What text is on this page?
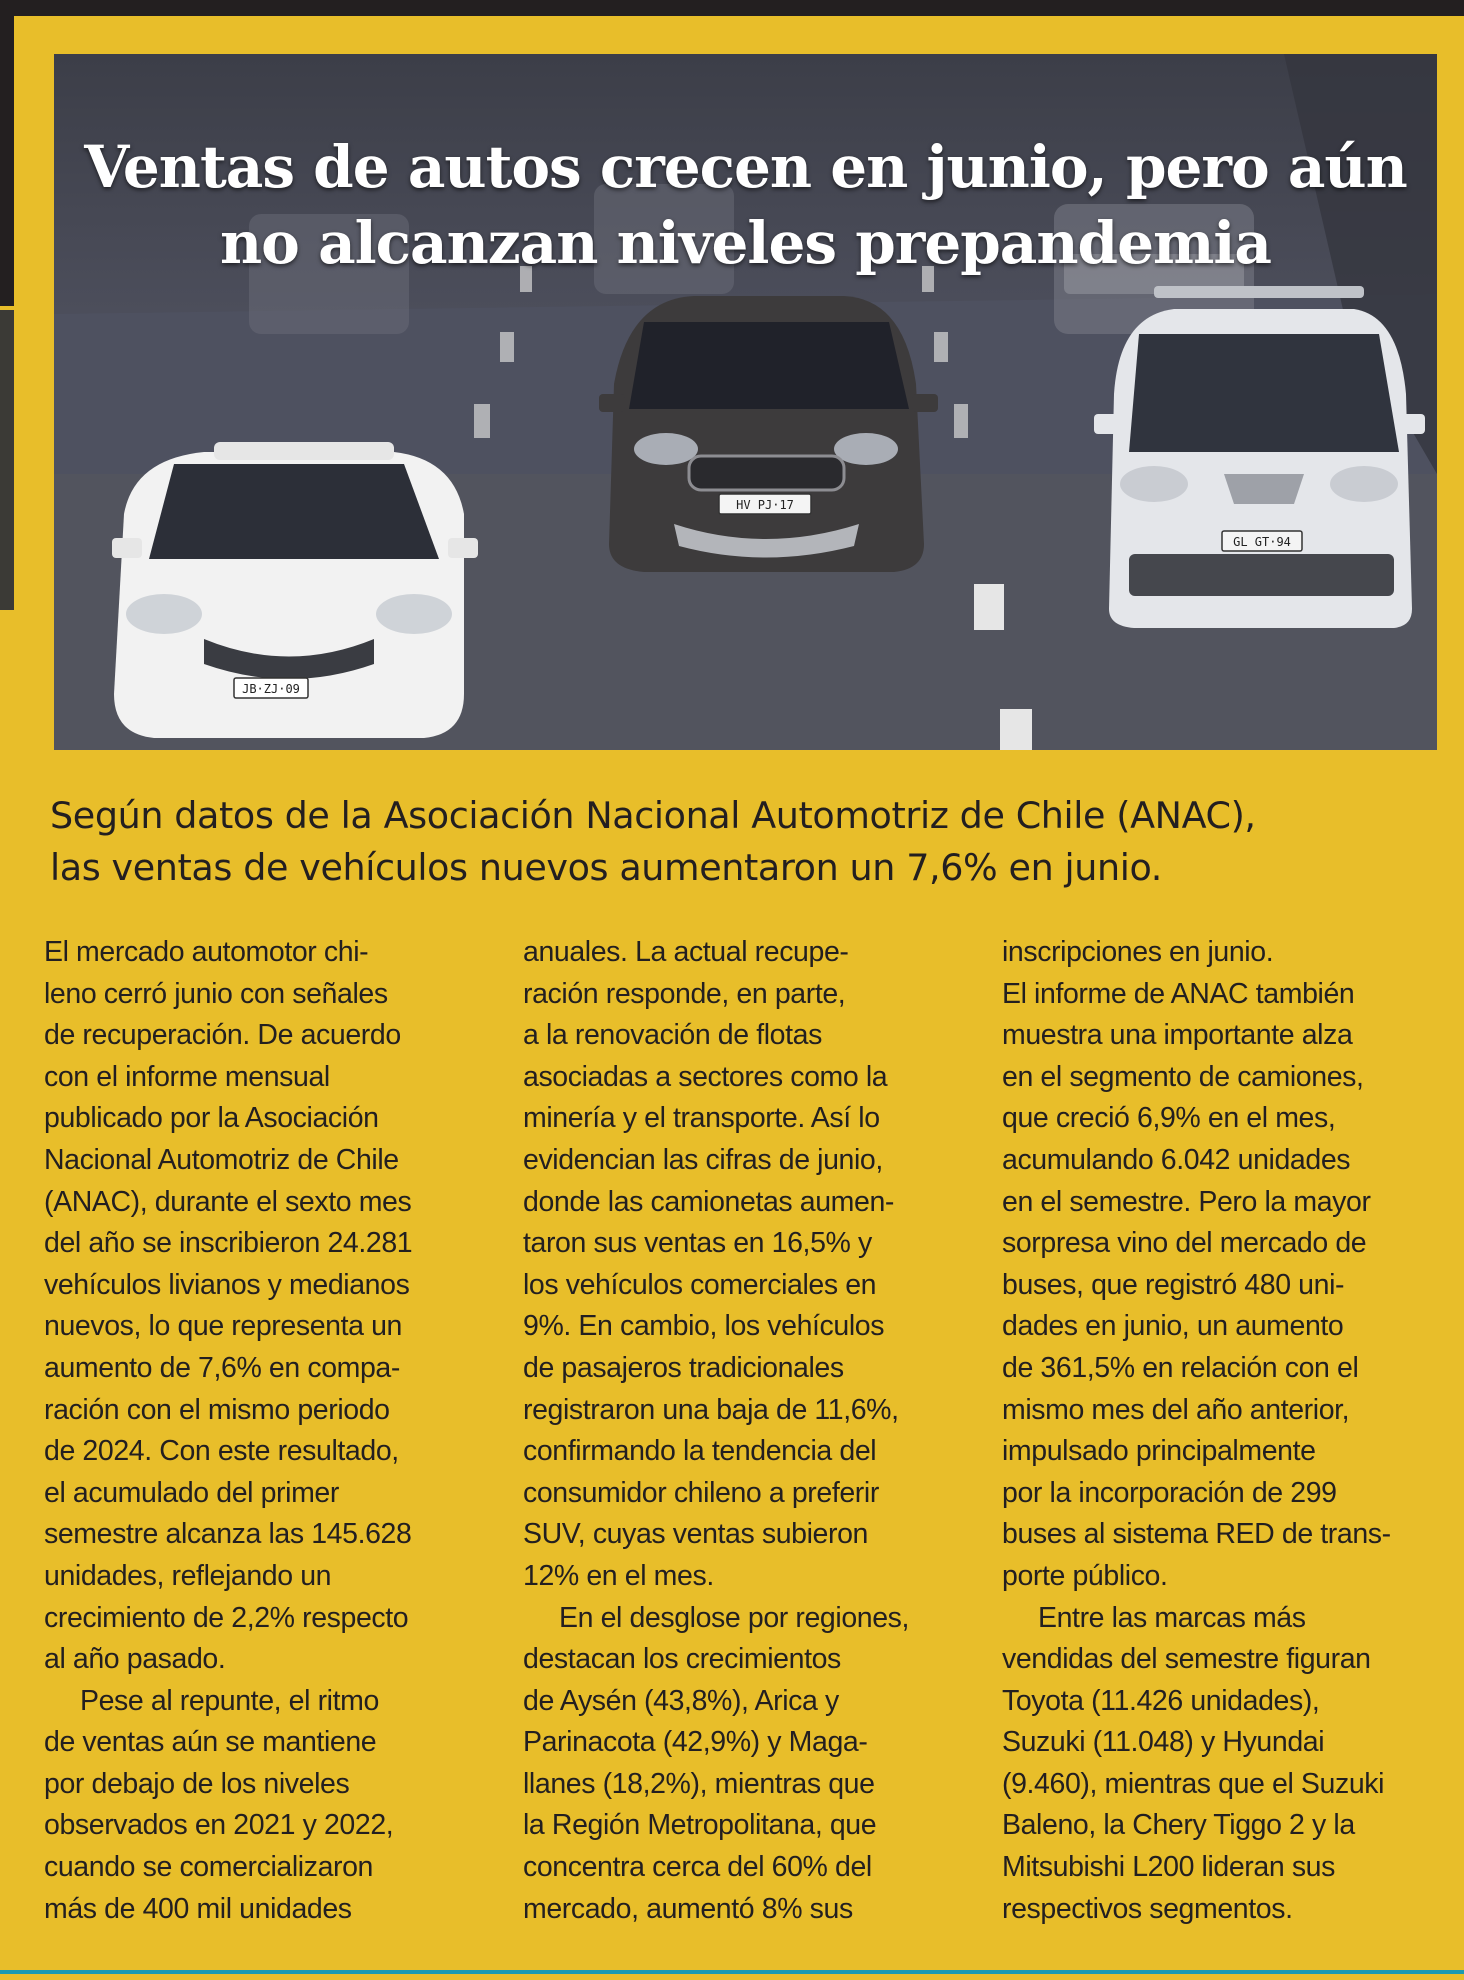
JB·ZJ·09
HV PJ·17
GL GT·94
Ventas de autos crecen en junio, pero aún
no alcanzan niveles prepandemia
Según datos de la Asociación Nacional Automotriz de Chile (ANAC),
las ventas de vehículos nuevos aumentaron un 7,6% en junio.
El mercado automotor chi-
leno cerró junio con señales
de recuperación. De acuerdo
con el informe mensual
publicado por la Asociación
Nacional Automotriz de Chile
(ANAC), durante el sexto mes
del año se inscribieron 24.281
vehículos livianos y medianos
nuevos, lo que representa un
aumento de 7,6% en compa-
ración con el mismo periodo
de 2024. Con este resultado,
el acumulado del primer
semestre alcanza las 145.628
unidades, reflejando un
crecimiento de 2,2% respecto
al año pasado.
Pese al repunte, el ritmo
de ventas aún se mantiene
por debajo de los niveles
observados en 2021 y 2022,
cuando se comercializaron
más de 400 mil unidades
anuales. La actual recupe-
ración responde, en parte,
a la renovación de flotas
asociadas a sectores como la
minería y el transporte. Así lo
evidencian las cifras de junio,
donde las camionetas aumen-
taron sus ventas en 16,5% y
los vehículos comerciales en
9%. En cambio, los vehículos
de pasajeros tradicionales
registraron una baja de 11,6%,
confirmando la tendencia del
consumidor chileno a preferir
SUV, cuyas ventas subieron
12% en el mes.
En el desglose por regiones,
destacan los crecimientos
de Aysén (43,8%), Arica y
Parinacota (42,9%) y Maga-
llanes (18,2%), mientras que
la Región Metropolitana, que
concentra cerca del 60% del
mercado, aumentó 8% sus
inscripciones en junio.
El informe de ANAC también
muestra una importante alza
en el segmento de camiones,
que creció 6,9% en el mes,
acumulando 6.042 unidades
en el semestre. Pero la mayor
sorpresa vino del mercado de
buses, que registró 480 uni-
dades en junio, un aumento
de 361,5% en relación con el
mismo mes del año anterior,
impulsado principalmente
por la incorporación de 299
buses al sistema RED de trans-
porte público.
Entre las marcas más
vendidas del semestre figuran
Toyota (11.426 unidades),
Suzuki (11.048) y Hyundai
(9.460), mientras que el Suzuki
Baleno, la Chery Tiggo 2 y la
Mitsubishi L200 lideran sus
respectivos segmentos.
